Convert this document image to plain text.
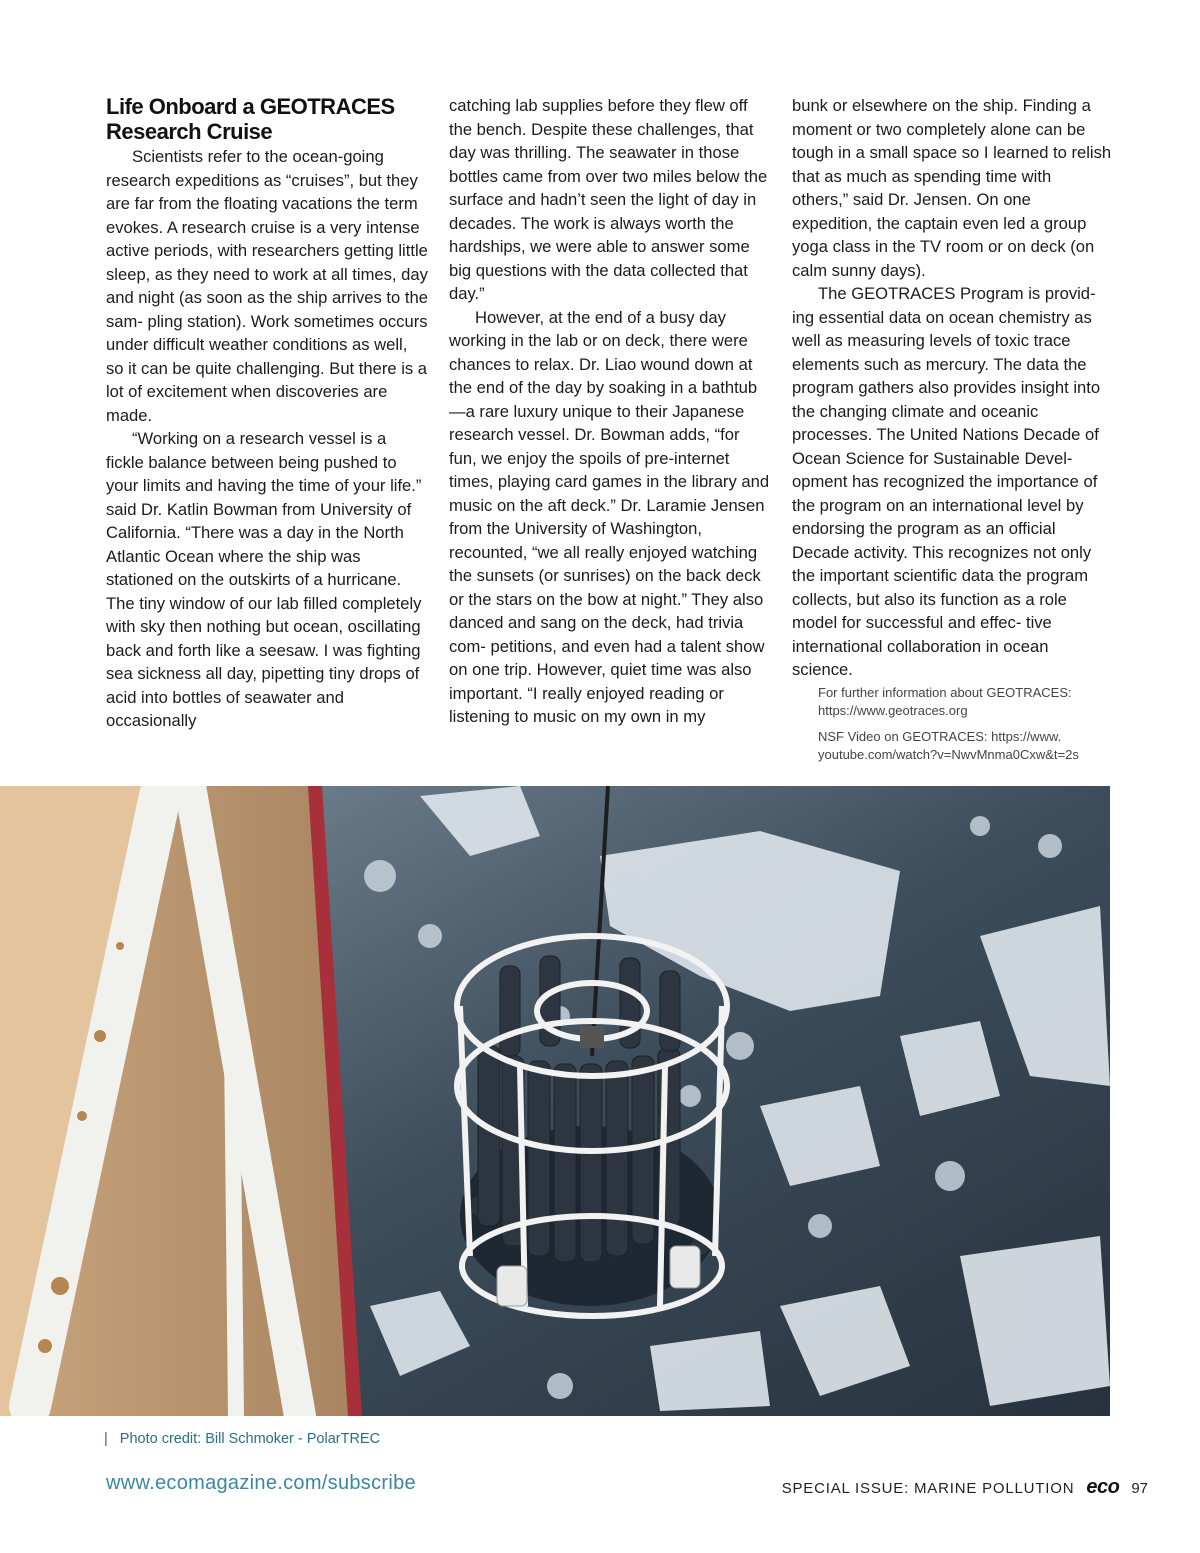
Life Onboard a GEOTRACES Research Cruise

Scientists refer to the ocean-going research expeditions as “cruises”, but they are far from the floating vacations the term evokes. A research cruise is a very intense active periods, with researchers getting little sleep, as they need to work at all times, day and night (as soon as the ship arrives to the sam- pling station). Work sometimes occurs under difficult weather conditions as well, so it can be quite challenging. But there is a lot of excitement when discoveries are made.

“Working on a research vessel is a fickle balance between being pushed to your limits and having the time of your life.” said Dr. Katlin Bowman from University of California. “There was a day in the North Atlantic Ocean where the ship was stationed on the outskirts of a hurricane. The tiny window of our lab filled completely with sky then nothing but ocean, oscillating back and forth like a seesaw. I was fighting sea sickness all day, pipetting tiny drops of acid into bottles of seawater and occasionally

catching lab supplies before they flew off the bench. Despite these challenges, that day was thrilling. The seawater in those bottles came from over two miles below the surface and hadn’t seen the light of day in decades. The work is always worth the hardships, we were able to answer some big questions with the data collected that day.”

However, at the end of a busy day working in the lab or on deck, there were chances to relax. Dr. Liao wound down at the end of the day by soaking in a bathtub—a rare luxury unique to their Japanese research vessel. Dr. Bowman adds, “for fun, we enjoy the spoils of pre-internet times, playing card games in the library and music on the aft deck.” Dr. Laramie Jensen from the University of Washington, recounted, “we all really enjoyed watching the sunsets (or sunrises) on the back deck or the stars on the bow at night.” They also danced and sang on the deck, had trivia com- petitions, and even had a talent show on one trip. However, quiet time was also important. “I really enjoyed reading or listening to music on my own in my

bunk or elsewhere on the ship. Finding a moment or two completely alone can be tough in a small space so I learned to relish that as much as spending time with others,” said Dr. Jensen. On one expedition, the captain even led a group yoga class in the TV room or on deck (on calm sunny days).

The GEOTRACES Program is provid- ing essential data on ocean chemistry as well as measuring levels of toxic trace elements such as mercury. The data the program gathers also provides insight into the changing climate and oceanic processes. The United Nations Decade of Ocean Science for Sustainable Devel- opment has recognized the importance of the program on an international level by endorsing the program as an official Decade activity. This recognizes not only the important scientific data the program collects, but also its function as a role model for successful and effec- tive international collaboration in ocean science.

For further information about GEOTRACES: https://www.geotraces.org
NSF Video on GEOTRACES: https://www. youtube.com/watch?v=NwvMnma0Cxw&t=2s
| Photo credit: Bill Schmoker - PolarTREC
www.ecomagazine.com/subscribe	SPECIAL ISSUE: MARINE POLLUTION eco 97
